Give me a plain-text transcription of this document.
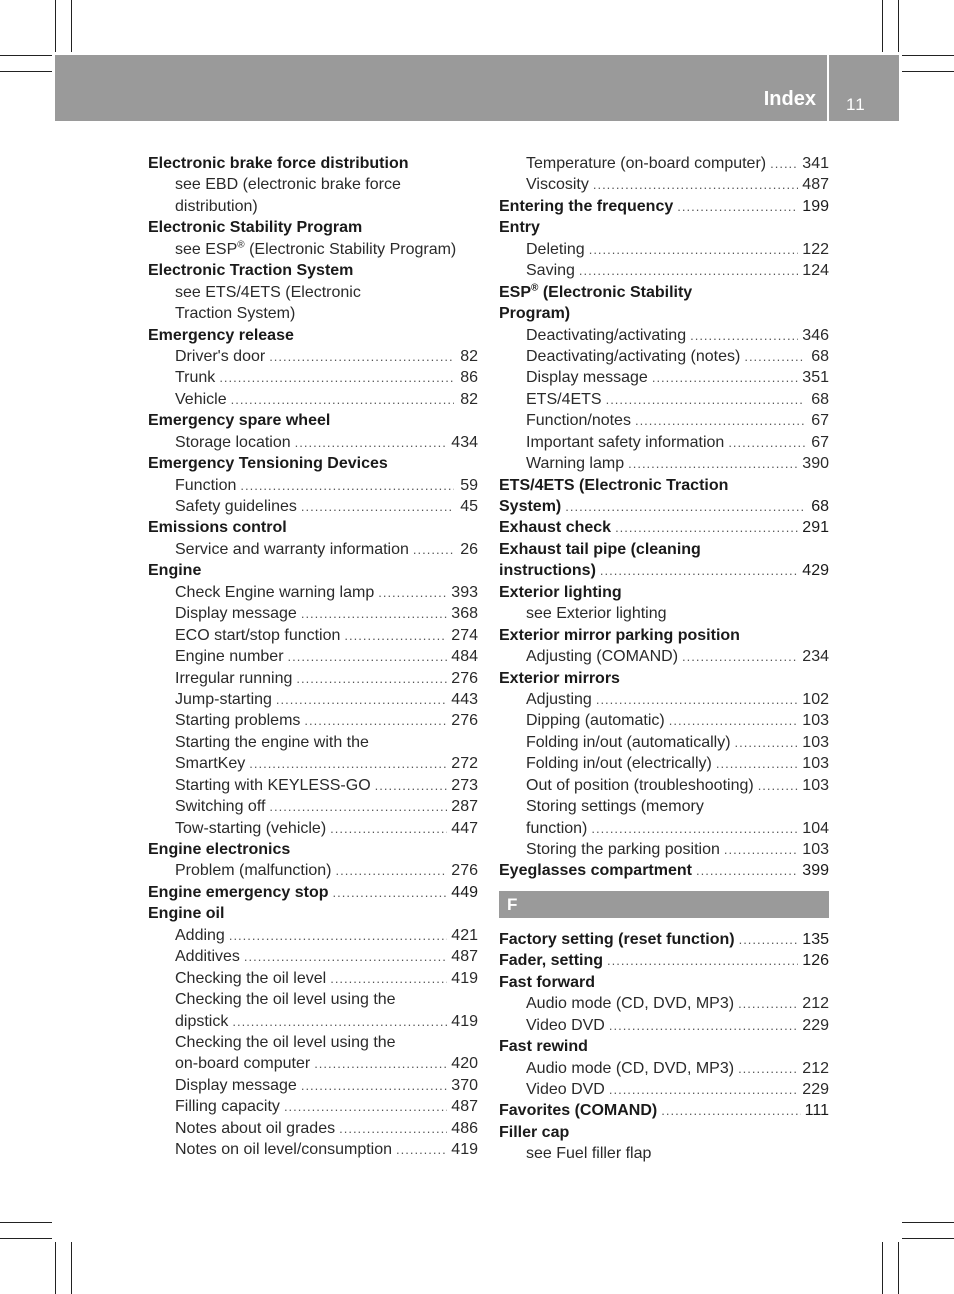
Index 11
Electronic brake force distribution
see EBD (electronic brake force
distribution)
Electronic Stability Program
see ESP® (Electronic Stability Program)
Electronic Traction System
see ETS/4ETS (Electronic
Traction System)
Emergency release
Driver's door .....	82
Trunk .....	86
Vehicle .....	82
Emergency spare wheel
Storage location .....	434
Emergency Tensioning Devices
Function .....	59
Safety guidelines .....	45
Emissions control
Service and warranty information .....	26
Engine
Check Engine warning lamp .....	393
Display message .....	368
ECO start/stop function .....	274
Engine number .....	484
Irregular running .....	276
Jump-starting .....	443
Starting problems .....	276
Starting the engine with the
SmartKey .....	272
Starting with KEYLESS-GO .....	273
Switching off .....	287
Tow-starting (vehicle) .....	447
Engine electronics
Problem (malfunction) .....	276
Engine emergency stop .....	449
Engine oil
Adding .....	421
Additives .....	487
Checking the oil level .....	419
Checking the oil level using the
dipstick .....	419
Checking the oil level using the
on-board computer .....	420
Display message .....	370
Filling capacity .....	487
Notes about oil grades .....	486
Notes on oil level/consumption .....	419
Temperature (on-board computer) ..... 341
Viscosity .....	487
Entering the frequency .....	199
Entry
Deleting .....	122
Saving .....	124
ESP® (Electronic Stability
Program)
Deactivating/activating .....	346
Deactivating/activating (notes) .....	68
Display message .....	351
ETS/4ETS .....	68
Function/notes .....	67
Important safety information .....	67
Warning lamp .....	390
ETS/4ETS (Electronic Traction
System) .....	68
Exhaust check .....	291
Exhaust tail pipe (cleaning
instructions) .....	429
Exterior lighting
see Exterior lighting
Exterior mirror parking position
Adjusting (COMAND) .....	234
Exterior mirrors
Adjusting .....	102
Dipping (automatic) .....	103
Folding in/out (automatically) .....	103
Folding in/out (electrically) .....	103
Out of position (troubleshooting) .....	103
Storing settings (memory
function) .....	104
Storing the parking position .....	103
Eyeglasses compartment .....	399
F
Factory setting (reset function) .....	135
Fader, setting .....	126
Fast forward
Audio mode (CD, DVD, MP3) .....	212
Video DVD .....	229
Fast rewind
Audio mode (CD, DVD, MP3) .....	212
Video DVD .....	229
Favorites (COMAND) .....	111
Filler cap
see Fuel filler flap
